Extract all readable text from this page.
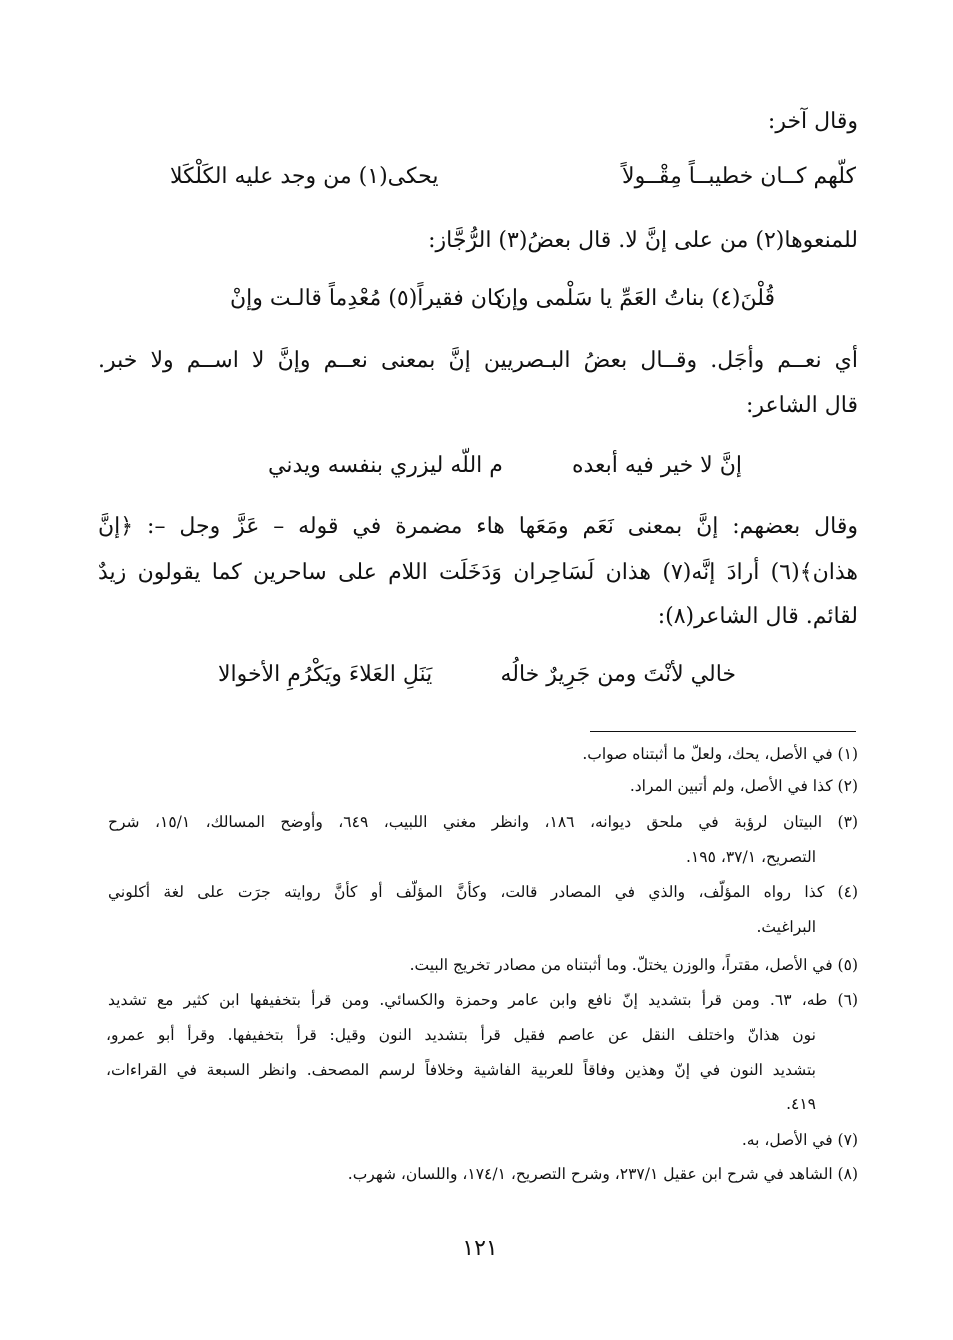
وقال آخر:
كلّهم كــان خطيبــاً مِقْــولاً
يحكى(١) من وجد عليه الكَلْكَلا
للمنعوها(٢) من على إنَّ لا. قال بعضُ(٣) الرُّجَّاز:
قُلْنَ(٤) بناتُ العَمِّ يا سَلْمى وإن
كان فقيراً(٥) مُعْدِماً قالـت وإنْ
أي نعــم وأجَل. وقــال بعضُ البـصريين إنَّ بمعنى نعــم وإنَّ لا اســم ولا خبر.
قال الشاعر:
إنَّ لا خير فيه أبعده
م اللّه ليزري بنفسه ويدني
وقال بعضهم: إنَّ بمعنى نَعَم ومَعَها هاء مضمرة في قوله – عَزَّ وجل –: ﴿إنَّ
هذان﴾(٦) أرادَ إنَّه(٧) هذان لَسَاحِران وَدَخَلَت اللام على ساحرين كما يقولون زيدٌ
لقائم. قال الشاعر(٨):
خالي لأنْتَ ومن جَرِيرٌ خالُه
يَنَلِ العَلاءَ ويَكْرُمِ الأخوالا
(١) في الأصل، يحك، ولعلّ ما أثبتناه صواب.
(٢) كذا في الأصل، ولم أتبين المراد.
(٣) البيتان لرؤبة في ملحق ديوانه، ١٨٦، وانظر مغني اللبيب، ٦٤٩، وأوضح المسالك، ١٥/١، شرح
التصريح، ٣٧/١، ١٩٥.
(٤) كذا رواه المؤلّف، والذي في المصادر قالت، وكأنَّ المؤلّف أو كأنَّ روايته جرَت على لغة أكلوني
البراغيث.
(٥) في الأصل، مقتراً، والوزن يختلّ. وما أثبتناه من مصادر تخريج البيت.
(٦) طه، ٦٣. ومن قرأ بتشديد إنّ نافع وابن عامر وحمزة والكسائي. ومن قرأ بتخفيفها ابن كثير مع تشديد
نون هذانّ واختلف النقل عن عاصم فقيل قرأ بتشديد النون وقيل: قرأ بتخفيفها. وقرأ أبو عمرو،
بتشديد النون في إنّ وهذين وفاقاً للعربية الفاشية وخلافاً لرسم المصحف. وانظر السبعة في القراءات،
٤١٩.
(٧) في الأصل، به.
(٨) الشاهد في شرح ابن عقيل ٢٣٧/١، وشرح التصريح، ١٧٤/١، واللسان، شهرب.
١٢١
